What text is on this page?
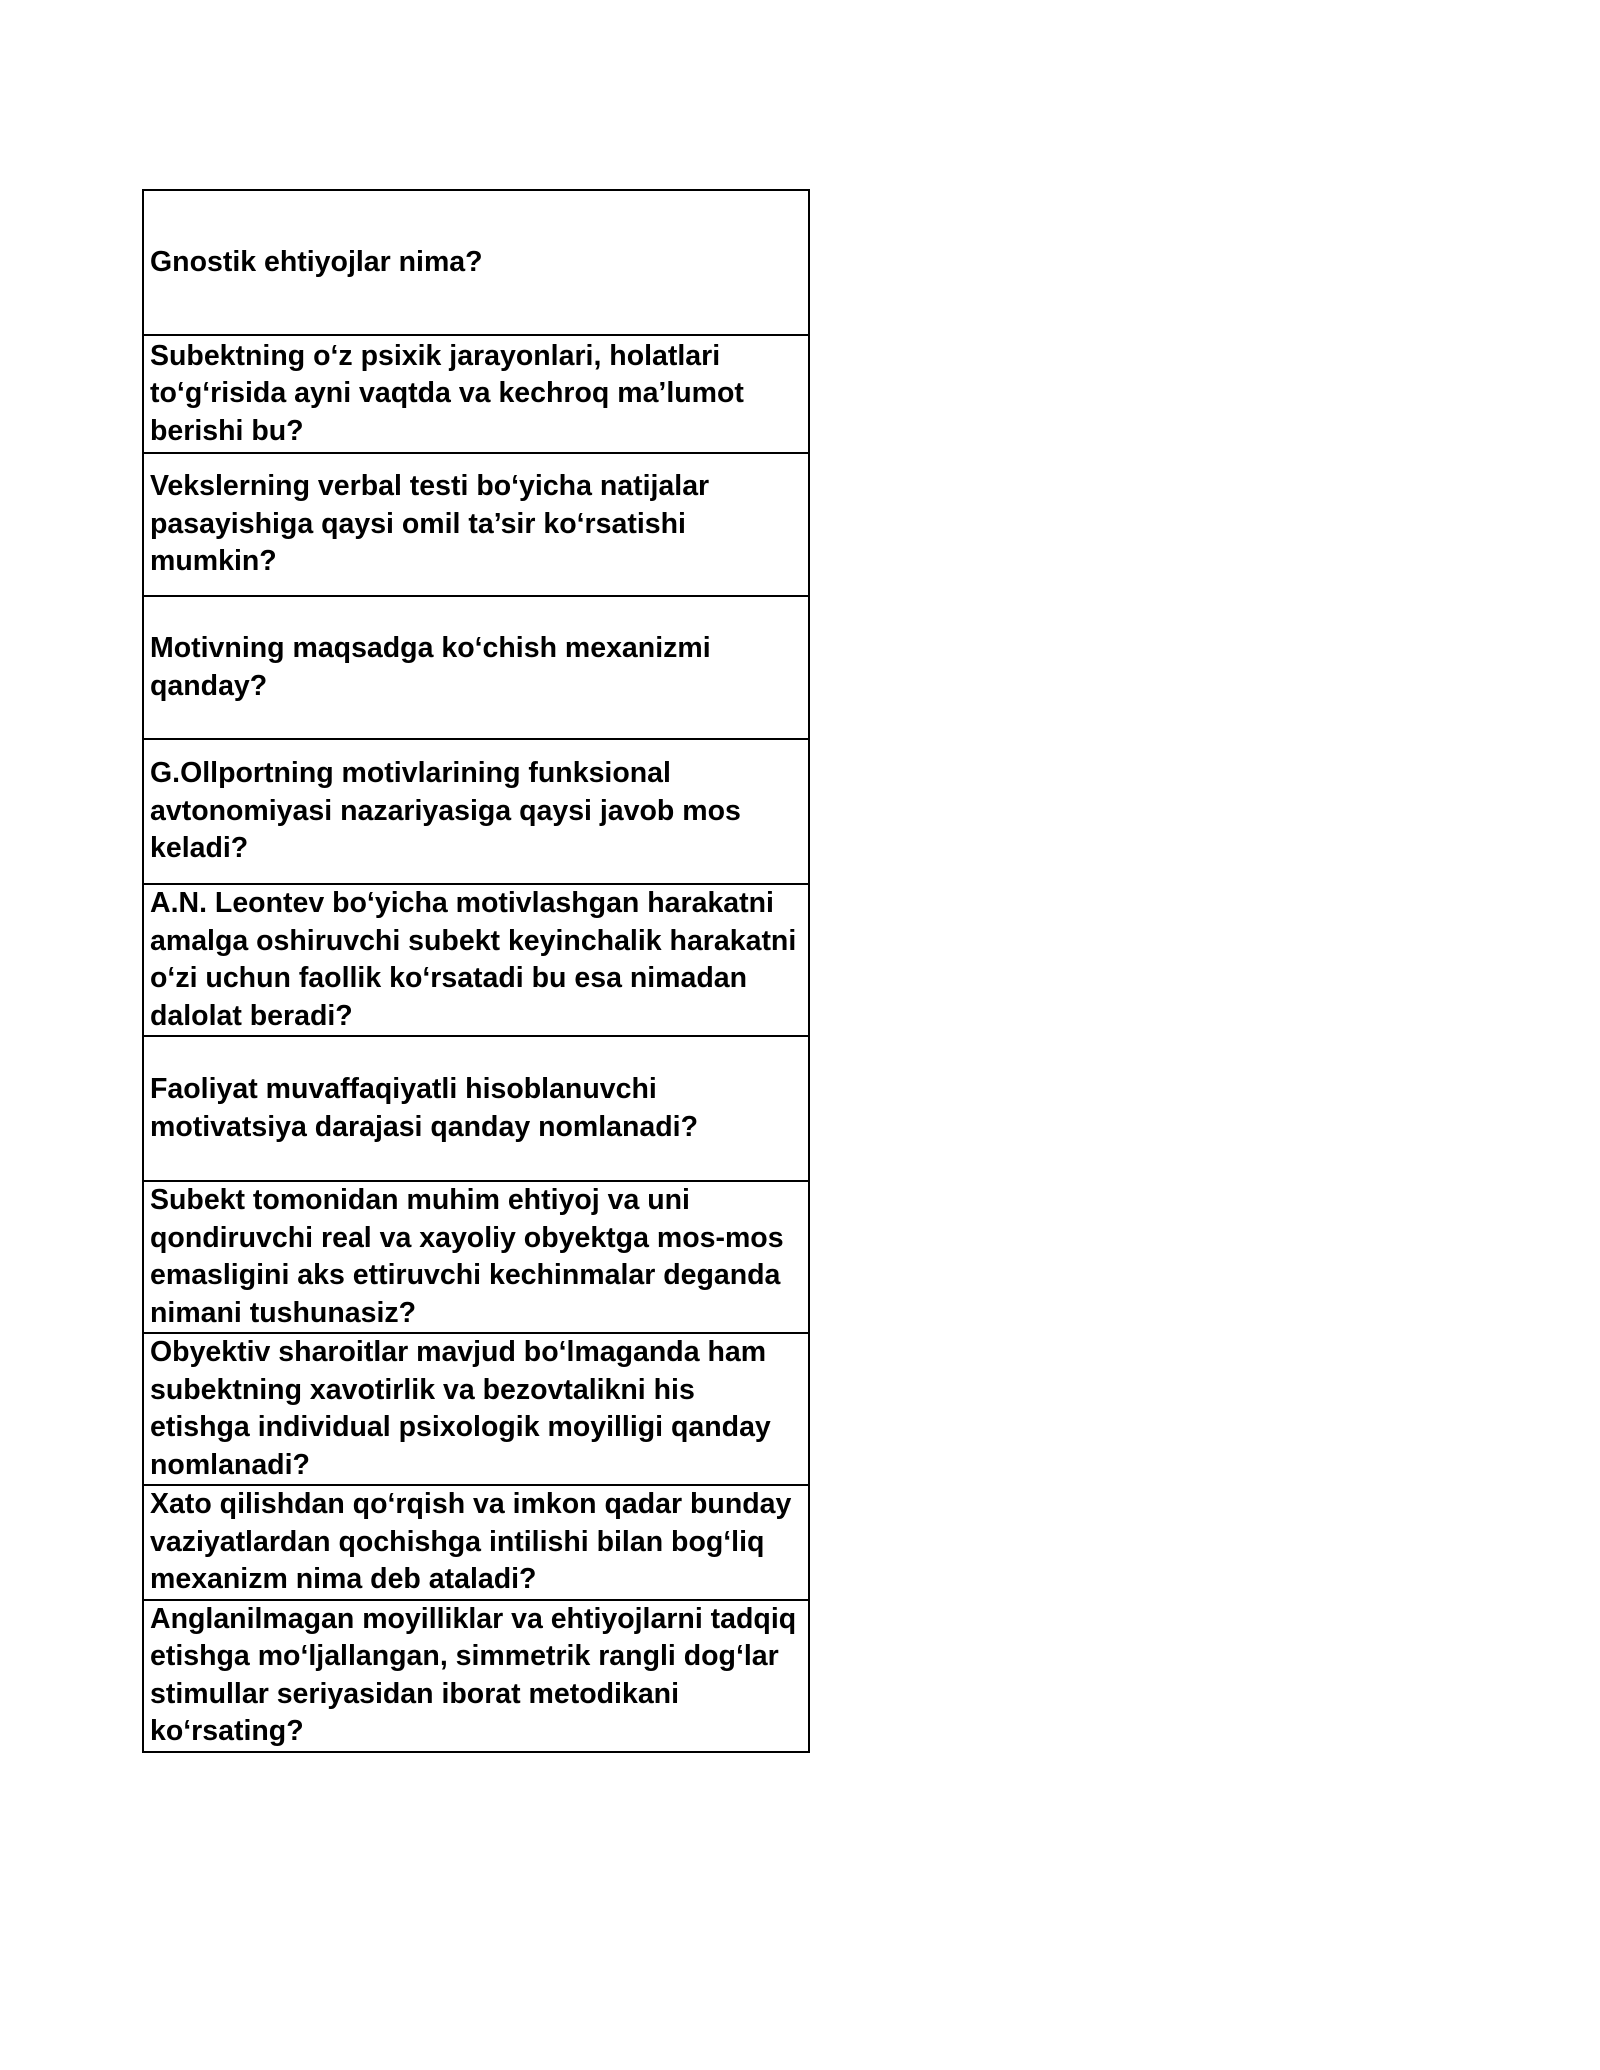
Gnostik ehtiyojlar nima?
Subektning o‘z psixik jarayonlari, holatlari to‘g‘risida ayni vaqtda va kechroq ma’lumot berishi bu?
Vekslerning verbal testi bo‘yicha natijalar pasayishiga qaysi omil ta’sir ko‘rsatishi mumkin?
Motivning maqsadga ko‘chish mexanizmi qanday?
G.Ollportning motivlarining funksional avtonomiyasi nazariyasiga qaysi javob mos keladi?
A.N. Leontev bo‘yicha motivlashgan harakatni amalga oshiruvchi subekt keyinchalik harakatni o‘zi uchun faollik ko‘rsatadi bu esa nimadan dalolat beradi?
Faoliyat muvaffaqiyatli hisoblanuvchi motivatsiya darajasi qanday nomlanadi?
Subekt tomonidan muhim ehtiyoj va uni qondiruvchi real va xayoliy obyektga mos-mos emasligini aks ettiruvchi kechinmalar deganda nimani tushunasiz?
Obyektiv sharoitlar mavjud bo‘lmaganda ham subektning xavotirlik va bezovtalikni his etishga individual psixologik moyilligi qanday nomlanadi?
Xato qilishdan qo‘rqish va imkon qadar bunday vaziyatlardan qochishga intilishi bilan bog‘liq mexanizm nima deb ataladi?
Anglanilmagan moyilliklar va ehtiyojlarni tadqiq etishga mo‘ljallangan, simmetrik rangli dog‘lar stimullar seriyasidan iborat metodikani ko‘rsating?
